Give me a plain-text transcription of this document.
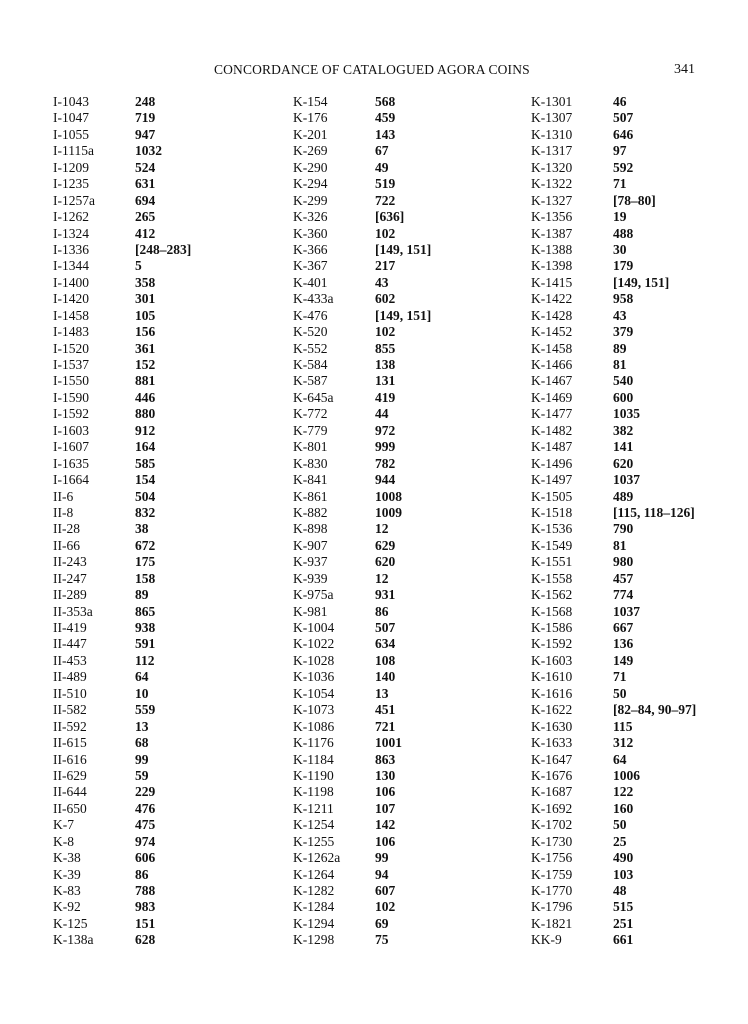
CONCORDANCE OF CATALOGUED AGORA COINS	341
I-1043	248
I-1047	719
I-1055	947
I-1115a	1032
I-1209	524
I-1235	631
I-1257a	694
I-1262	265
I-1324	412
I-1336	[248–283]
I-1344	5
I-1400	358
I-1420	301
I-1458	105
I-1483	156
I-1520	361
I-1537	152
I-1550	881
I-1590	446
I-1592	880
I-1603	912
I-1607	164
I-1635	585
I-1664	154
II-6	504
II-8	832
II-28	38
II-66	672
II-243	175
II-247	158
II-289	89
II-353a	865
II-419	938
II-447	591
II-453	112
II-489	64
II-510	10
II-582	559
II-592	13
II-615	68
II-616	99
II-629	59
II-644	229
II-650	476
K-7	475
K-8	974
K-38	606
K-39	86
K-83	788
K-92	983
K-125	151
K-138a	628
K-154	568
K-176	459
K-201	143
K-269	67
K-290	49
K-294	519
K-299	722
K-326	[636]
K-360	102
K-366	[149, 151]
K-367	217
K-401	43
K-433a	602
K-476	[149, 151]
K-520	102
K-552	855
K-584	138
K-587	131
K-645a	419
K-772	44
K-779	972
K-801	999
K-830	782
K-841	944
K-861	1008
K-882	1009
K-898	12
K-907	629
K-937	620
K-939	12
K-975a	931
K-981	86
K-1004	507
K-1022	634
K-1028	108
K-1036	140
K-1054	13
K-1073	451
K-1086	721
K-1176	1001
K-1184	863
K-1190	130
K-1198	106
K-1211	107
K-1254	142
K-1255	106
K-1262a	99
K-1264	94
K-1282	607
K-1284	102
K-1294	69
K-1298	75
K-1301	46
K-1307	507
K-1310	646
K-1317	97
K-1320	592
K-1322	71
K-1327	[78–80]
K-1356	19
K-1387	488
K-1388	30
K-1398	179
K-1415	[149, 151]
K-1422	958
K-1428	43
K-1452	379
K-1458	89
K-1466	81
K-1467	540
K-1469	600
K-1477	1035
K-1482	382
K-1487	141
K-1496	620
K-1497	1037
K-1505	489
K-1518	[115, 118–126]
K-1536	790
K-1549	81
K-1551	980
K-1558	457
K-1562	774
K-1568	1037
K-1586	667
K-1592	136
K-1603	149
K-1610	71
K-1616	50
K-1622	[82–84, 90–97]
K-1630	115
K-1633	312
K-1647	64
K-1676	1006
K-1687	122
K-1692	160
K-1702	50
K-1730	25
K-1756	490
K-1759	103
K-1770	48
K-1796	515
K-1821	251
KK-9	661
